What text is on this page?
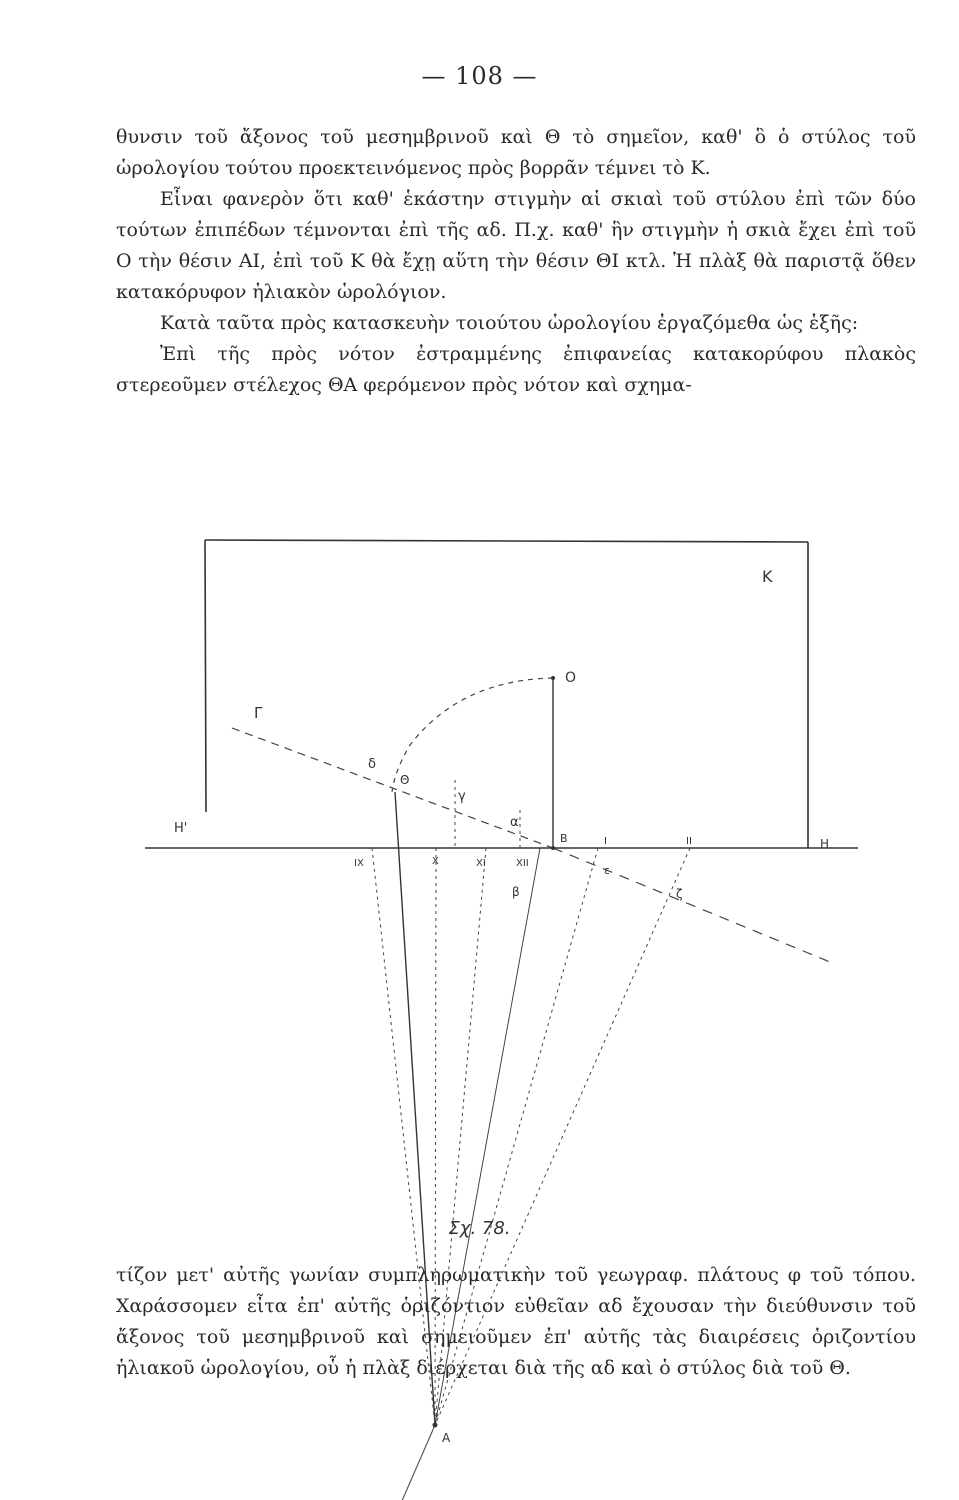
— 108 —

θυνσιν τοῦ ἄξονος τοῦ μεσημβρινοῦ καὶ Θ τὸ σημεῖον, καθ' ὃ ὁ στύλος τοῦ ὡρολογίου τούτου προεκτεινόμενος πρὸς βορρᾶν τέμνει τὸ Κ.

Εἶναι φανερὸν ὅτι καθ' ἑκάστην στιγμὴν αἱ σκιαὶ τοῦ στύλου ἐπὶ τῶν δύο τούτων ἐπιπέδων τέμνονται ἐπὶ τῆς αδ. Π.χ. καθ' ἣν στιγμὴν ἡ σκιὰ ἔχει ἐπὶ τοῦ Ο τὴν θέσιν ΑΙ, ἐπὶ τοῦ Κ θὰ ἔχῃ αὕτη τὴν θέσιν ΘΙ κτλ. Ἡ πλὰξ θὰ παριστᾷ ὅθεν κατακόρυφον ἡλιακὸν ὡρολόγιον.

Κατὰ ταῦτα πρὸς κατασκευὴν τοιούτου ὡρολογίου ἐργαζόμεθα ὡς ἑξῆς:

Ἐπὶ τῆς πρὸς νότον ἐστραμμένης ἐπιφανείας κατακορύφου πλακὸς στερεοῦμεν στέλεχος ΘΑ φερόμενον πρὸς νότον καὶ σχημα-

K
O
Γ
δ
Θ
γ
α
B
H'
H
IX	X	XI	XII
I	II
β
ε
ζ
A
Σχ. 78.

τίζον μετ' αὐτῆς γωνίαν συμπληρωματικὴν τοῦ γεωγραφ. πλάτους φ τοῦ τόπου. Χαράσσομεν εἶτα ἐπ' αὐτῆς ὁριζόντιον εὐθεῖαν αδ ἔχουσαν τὴν διεύθυνσιν τοῦ ἄξονος τοῦ μεσημβρινοῦ καὶ σημειοῦμεν ἐπ' αὐτῆς τὰς διαιρέσεις ὁριζοντίου ἡλιακοῦ ὡρολογίου, οὗ ἡ πλὰξ διέρχεται διὰ τῆς αδ καὶ ὁ στύλος διὰ τοῦ Θ.
